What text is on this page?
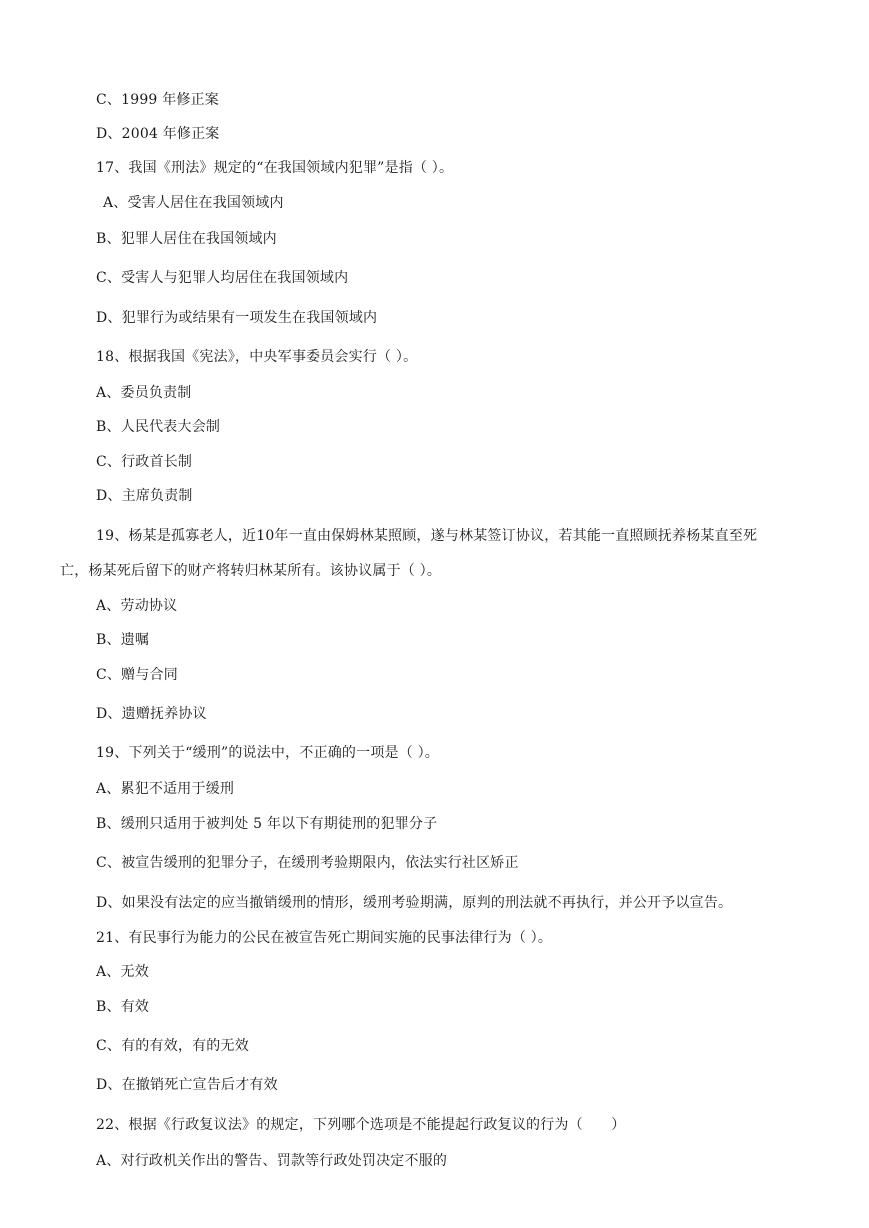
C、1999 年修正案
D、2004 年修正案
17、我国《刑法》规定的“在我国领域内犯罪”是指（ ）。
A、受害人居住在我国领域内
B、犯罪人居住在我国领域内
C、受害人与犯罪人均居住在我国领域内
D、犯罪行为或结果有一项发生在我国领域内
18、根据我国《宪法》，中央军事委员会实行（ ）。
A、委员负责制
B、人民代表大会制
C、行政首长制
D、主席负责制
19、杨某是孤寡老人，近10年一直由保姆林某照顾，遂与林某签订协议，若其能一直照顾抚养杨某直至死
亡，杨某死后留下的财产将转归林某所有。该协议属于（ ）。
A、劳动协议
B、遗嘱
C、赠与合同
D、遗赠抚养协议
19、下列关于“缓刑”的说法中，不正确的一项是（ ）。
A、累犯不适用于缓刑
B、缓刑只适用于被判处 5 年以下有期徒刑的犯罪分子
C、被宣告缓刑的犯罪分子，在缓刑考验期限内，依法实行社区矫正
D、如果没有法定的应当撤销缓刑的情形，缓刑考验期满，原判的刑法就不再执行，并公开予以宣告。
21、有民事行为能力的公民在被宣告死亡期间实施的民事法律行为（ ）。
A、无效
B、有效
C、有的有效，有的无效
D、在撤销死亡宣告后才有效
22、根据《行政复议法》的规定，下列哪个选项是不能提起行政复议的行为（　　）
A、对行政机关作出的警告、罚款等行政处罚决定不服的
